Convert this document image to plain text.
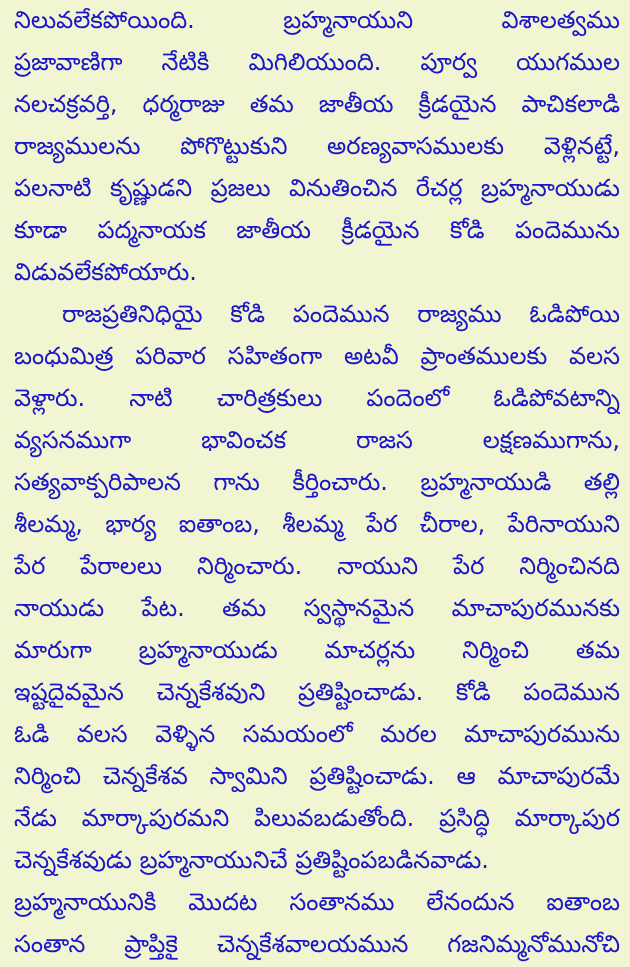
నిలువలేకపోయింది. బ్రహ్మనాయుని విశాలత్వము
ప్రజావాణిగా నేటికి మిగిలియుంది. పూర్వ యుగముల
నలచక్రవర్తి, ధర్మరాజు తమ జాతీయ క్రీడయైన పాచికలాడి
రాజ్యములను పోగొట్టుకుని అరణ్యవాసములకు వెళ్లినట్టే,
పలనాటి కృష్ణుడని ప్రజలు వినుతించిన రేచర్ల బ్రహ్మనాయుడు
కూడా పద్మనాయక జాతీయ క్రీడయైన కోడి పందెమును
విడువలేకపోయారు.
రాజప్రతినిధియై కోడి పందెమున రాజ్యము ఓడిపోయి
బంధుమిత్ర పరివార సహితంగా అటవీ ప్రాంతములకు వలస
వెళ్లారు. నాటి చారిత్రకులు పందెంలో ఓడిపోవటాన్ని
వ్యసనముగా భావించక రాజస లక్షణముగాను,
సత్యవాక్పరిపాలన గాను కీర్తించారు. బ్రహ్మనాయుడి తల్లి
శీలమ్మ, భార్య ఐతాంబ, శీలమ్మ పేర చీరాల, పేరినాయుని
పేర పేరాలలు నిర్మించారు. నాయుని పేర నిర్మించినది
నాయుడు పేట. తమ స్వస్థానమైన మాచాపురమునకు
మారుగా బ్రహ్మనాయుడు మాచర్లను నిర్మించి తమ
ఇష్టదైవమైన చెన్నకేశవుని ప్రతిష్టించాడు. కోడి పందెమున
ఓడి వలస వెళ్ళిన సమయంలో మరల మాచాపురమును
నిర్మించి చెన్నకేశవ స్వామిని ప్రతిష్టించాడు. ఆ మాచాపురమే
నేడు మార్కాపురమని పిలువబడుతోంది. ప్రసిద్ధి మార్కాపుర
చెన్నకేశవుడు బ్రహ్మనాయునిచే ప్రతిష్టింపబడినవాడు.
బ్రహ్మనాయునికి మొదట సంతానము లేనందున ఐతాంబ
సంతాన ప్రాప్తికై చెన్నకేశవాలయమున గజనిమ్మనోమునోచి
